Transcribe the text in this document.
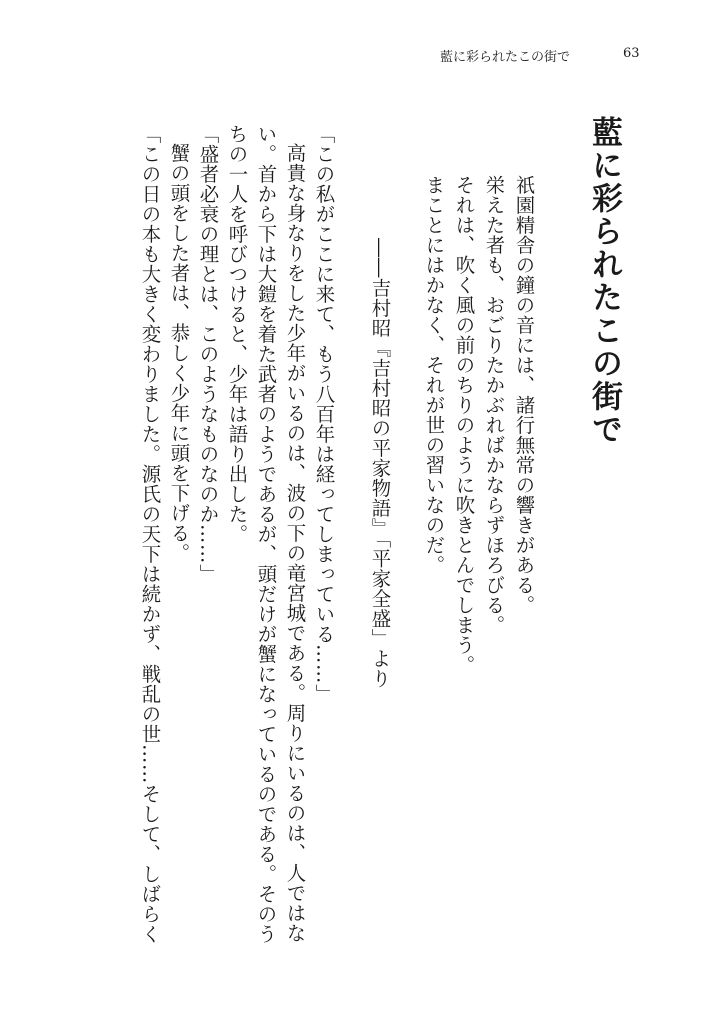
藍に彩られたこの街で	63
藍に彩られたこの街で

祇園精舎の鐘の音には、諸行無常の響きがある。

栄えた者も、おごりたかぶればかならずほろびる。

それは、吹く風の前のちりのように吹きとんでしまう。

まことにはかなく、それが世の習いなのだ。

――吉村昭『吉村昭の平家物語』「平家全盛」より

「この私がここに来て、もう八百年は経ってしまっている……」

高貴な身なりをした少年がいるのは、波の下の竜宮城である。周りにいるのは、人ではな

い。首から下は大鎧を着た武者のようであるが、頭だけが蟹になっているのである。そのう

ちの一人を呼びつけると、少年は語り出した。

「盛者必衰の理とは、このようなものなのか……」

蟹の頭をした者は、恭しく少年に頭を下げる。

「この日の本も大きく変わりました。源氏の天下は続かず、戦乱の世……そして、しばらく
